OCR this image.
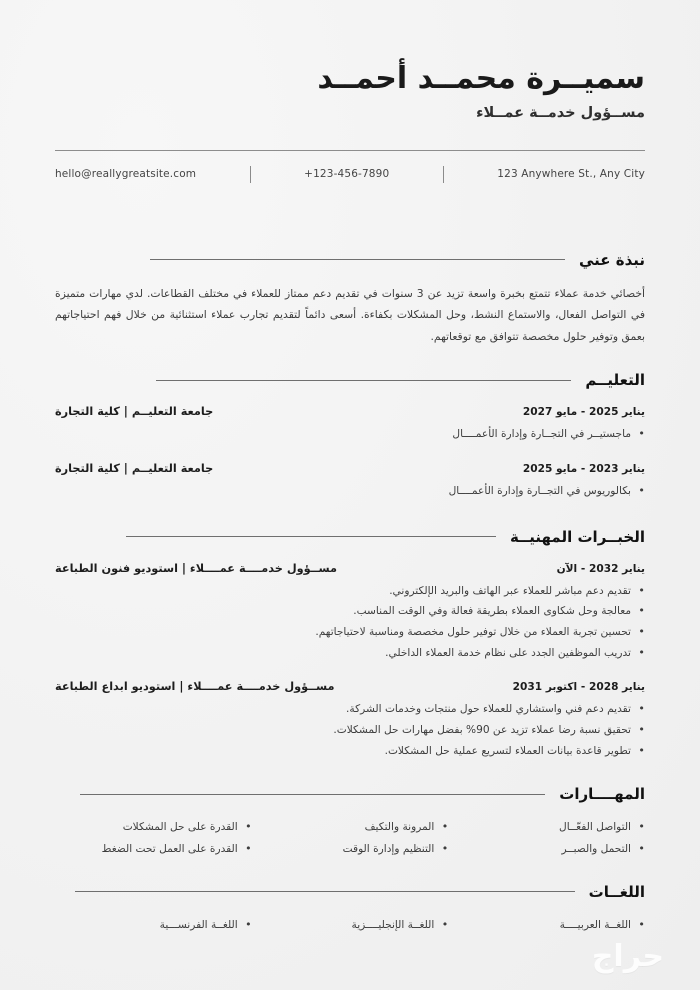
سميــرة محمــد أحمــد
مســؤول خدمــة عمــلاء
hello@reallygreatsite.com	+123-456-7890	123 Anywhere St., Any City
نبذة عني

أخصائي خدمة عملاء تتمتع بخبرة واسعة تزيد عن 3 سنوات في تقديم دعم ممتاز للعملاء في مختلف القطاعات. لدي مهارات متميزة في التواصل الفعال، والاستماع النشط، وحل المشكلات بكفاءة. أسعى دائماً لتقديم تجارب عملاء استثنائية من خلال فهم احتياجاتهم بعمق وتوفير حلول مخصصة تتوافق مع توقعاتهم.

التعليــم
جامعة التعليــم | كلية التجارة	يناير 2025 - مايو 2027
• ماجستيــر في التجــارة وإدارة الأعمــــال
جامعة التعليــم | كلية التجارة	يناير 2023 - مايو 2025
• بكالوريوس في التجــارة وإدارة الأعمــــال
الخبــرات المهنيــة
مســؤول خدمــــة عمــــلاء | استوديو فنون الطباعة	يناير 2032 - الآن
• تقديم دعم مباشر للعملاء عبر الهاتف والبريد الإلكتروني.
• معالجة وحل شكاوى العملاء بطريقة فعالة وفي الوقت المناسب.
• تحسين تجربة العملاء من خلال توفير حلول مخصصة ومناسبة لاحتياجاتهم.
• تدريب الموظفين الجدد على نظام خدمة العملاء الداخلي.
مســؤول خدمــــة عمــــلاء | استوديو ابداع الطباعة	يناير 2028 - اكتوبر 2031
• تقديم دعم فني واستشاري للعملاء حول منتجات وخدمات الشركة.
• تحقيق نسبة رضا عملاء تزيد عن 90% بفضل مهارات حل المشكلات.
• تطوير قاعدة بيانات العملاء لتسريع عملية حل المشكلات.
المهــــارات
• التواصل الفعّــال
• المرونة والتكيف
• القدرة على حل المشكلات
• التحمل والصبــر
• التنظيم وإدارة الوقت
• القدرة على العمل تحت الضغط
اللغــات
• اللغــة العربيــــة
• اللغــة الإنجليــــزية
• اللغــة الفرنســـية
حراج
